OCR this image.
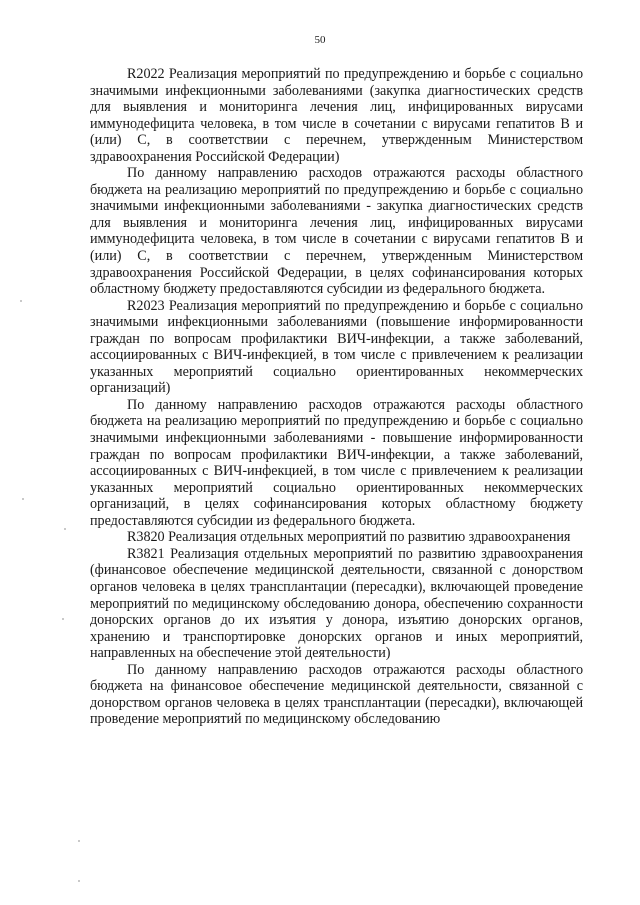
50

R2022 Реализация мероприятий по предупреждению и борьбе с социально значимыми инфекционными заболеваниями (закупка диагностических средств для выявления и мониторинга лечения лиц, инфицированных вирусами иммунодефицита человека, в том числе в сочетании с вирусами гепатитов В и (или) С, в соответствии с перечнем, утвержденным Министерством здравоохранения Российской Федерации)

По данному направлению расходов отражаются расходы областного бюджета на реализацию мероприятий по предупреждению и борьбе с социально значимыми инфекционными заболеваниями - закупка диагностических средств для выявления и мониторинга лечения лиц, инфицированных вирусами иммунодефицита человека, в том числе в сочетании с вирусами гепатитов В и (или) С, в соответствии с перечнем, утвержденным Министерством здравоохранения Российской Федерации, в целях софинансирования которых областному бюджету предоставляются субсидии из федерального бюджета.

R2023 Реализация мероприятий по предупреждению и борьбе с социально значимыми инфекционными заболеваниями (повышение информированности граждан по вопросам профилактики ВИЧ-инфекции, а также заболеваний, ассоциированных с ВИЧ-инфекцией, в том числе с привлечением к реализации указанных мероприятий социально ориентированных некоммерческих организаций)

По данному направлению расходов отражаются расходы областного бюджета на реализацию мероприятий по предупреждению и борьбе с социально значимыми инфекционными заболеваниями - повышение информированности граждан по вопросам профилактики ВИЧ-инфекции, а также заболеваний, ассоциированных с ВИЧ-инфекцией, в том числе с привлечением к реализации указанных мероприятий социально ориентированных некоммерческих организаций, в целях софинансирования которых областному бюджету предоставляются субсидии из федерального бюджета.

R3820 Реализация отдельных мероприятий по развитию здравоохранения

R3821 Реализация отдельных мероприятий по развитию здравоохранения (финансовое обеспечение медицинской деятельности, связанной с донорством органов человека в целях трансплантации (пересадки), включающей проведение мероприятий по медицинскому обследованию донора, обеспечению сохранности донорских органов до их изъятия у донора, изъятию донорских органов, хранению и транспортировке донорских органов и иных мероприятий, направленных на обеспечение этой деятельности)

По данному направлению расходов отражаются расходы областного бюджета на финансовое обеспечение медицинской деятельности, связанной с донорством органов человека в целях трансплантации (пересадки), включающей проведение мероприятий по медицинскому обследованию
